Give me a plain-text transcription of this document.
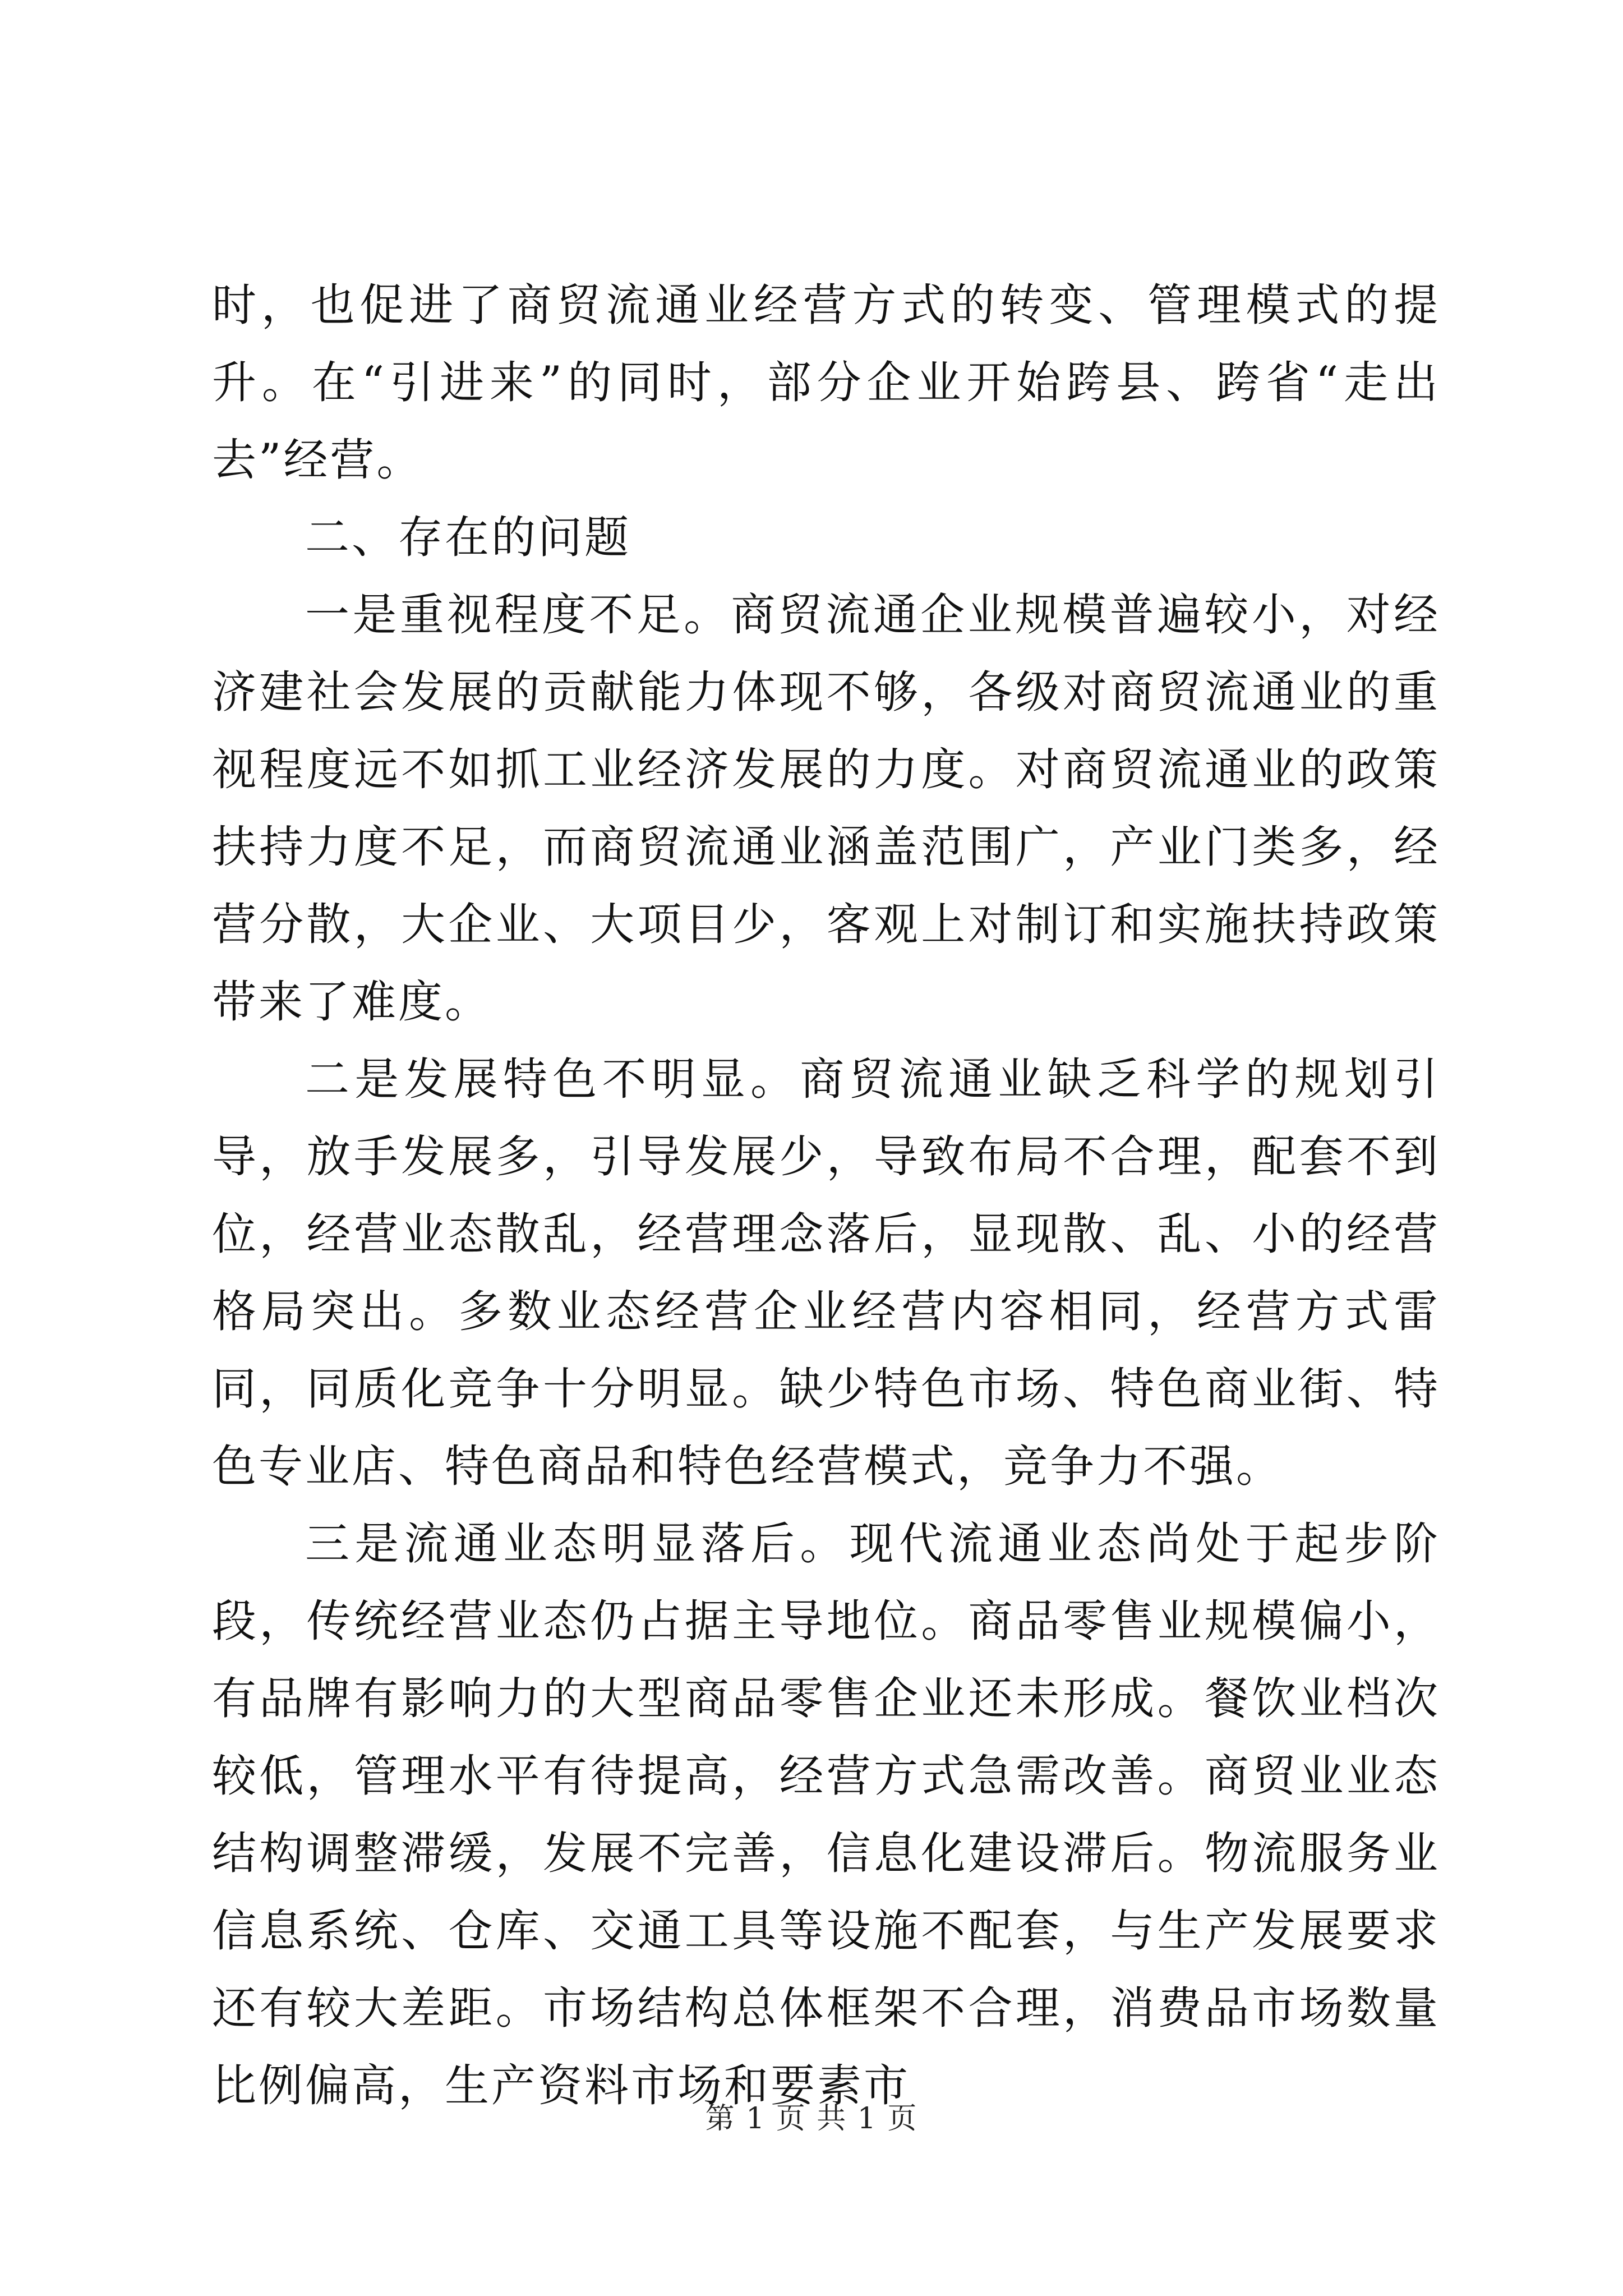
时，也促进了商贸流通业经营方式的转变、管理模式的提升。在“引进来”的同时，部分企业开始跨县、跨省“走出去”经营。

二、存在的问题

一是重视程度不足。商贸流通企业规模普遍较小，对经济建社会发展的贡献能力体现不够，各级对商贸流通业的重视程度远不如抓工业经济发展的力度。对商贸流通业的政策扶持力度不足，而商贸流通业涵盖范围广，产业门类多，经营分散，大企业、大项目少，客观上对制订和实施扶持政策带来了难度。

二是发展特色不明显。商贸流通业缺乏科学的规划引导，放手发展多，引导发展少，导致布局不合理，配套不到位，经营业态散乱，经营理念落后，显现散、乱、小的经营格局突出。多数业态经营企业经营内容相同，经营方式雷同，同质化竞争十分明显。缺少特色市场、特色商业街、特色专业店、特色商品和特色经营模式，竞争力不强。

三是流通业态明显落后。现代流通业态尚处于起步阶段，传统经营业态仍占据主导地位。商品零售业规模偏小，有品牌有影响力的大型商品零售企业还未形成。餐饮业档次较低，管理水平有待提高，经营方式急需改善。商贸业业态结构调整滞缓，发展不完善，信息化建设滞后。物流服务业信息系统、仓库、交通工具等设施不配套，与生产发展要求还有较大差距。市场结构总体框架不合理，消费品市场数量比例偏高，生产资料市场和要素市

第 1 页 共 1 页
